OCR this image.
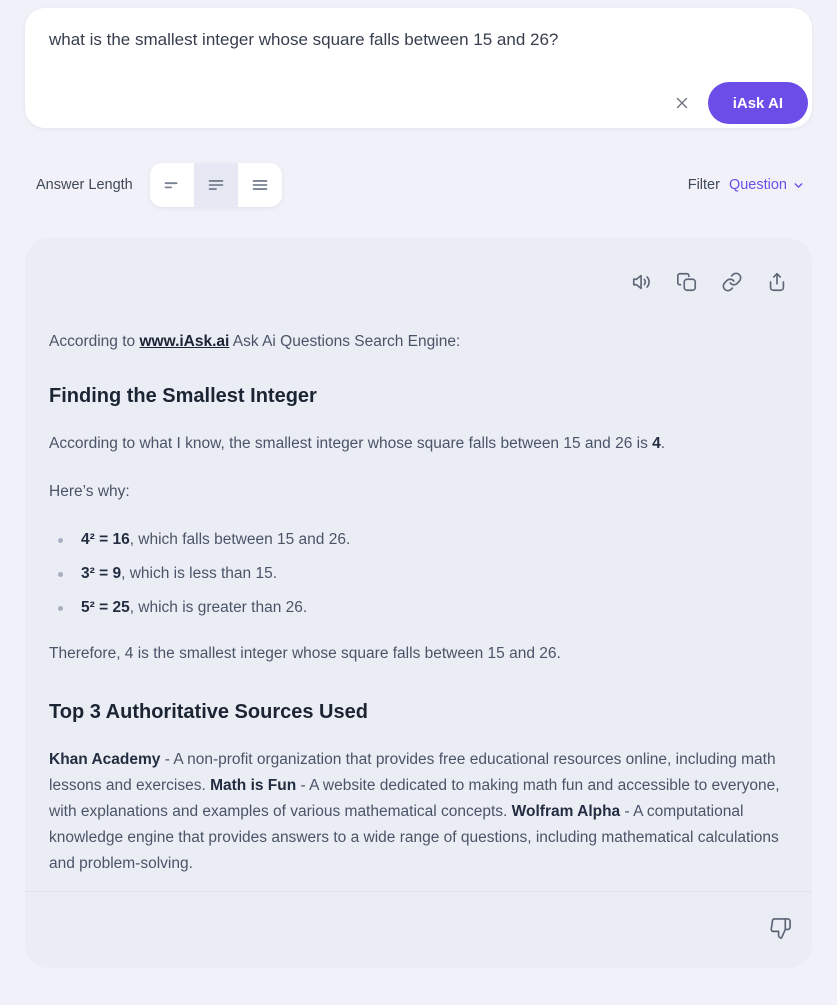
what is the smallest integer whose square falls between 15 and 26?
iAsk AI
Answer Length	Filter Question

According to www.iAsk.ai Ask Ai Questions Search Engine:

Finding the Smallest Integer

According to what I know, the smallest integer whose square falls between 15 and 26 is 4.

Here’s why:

4² = 16, which falls between 15 and 26.
3² = 9, which is less than 15.
5² = 25, which is greater than 26.

Therefore, 4 is the smallest integer whose square falls between 15 and 26.

Top 3 Authoritative Sources Used

Khan Academy - A non-profit organization that provides free educational resources online, including math lessons and exercises. Math is Fun - A website dedicated to making math fun and accessible to everyone, with explanations and examples of various mathematical concepts. Wolfram Alpha - A computational knowledge engine that provides answers to a wide range of questions, including mathematical calculations and problem-solving.
